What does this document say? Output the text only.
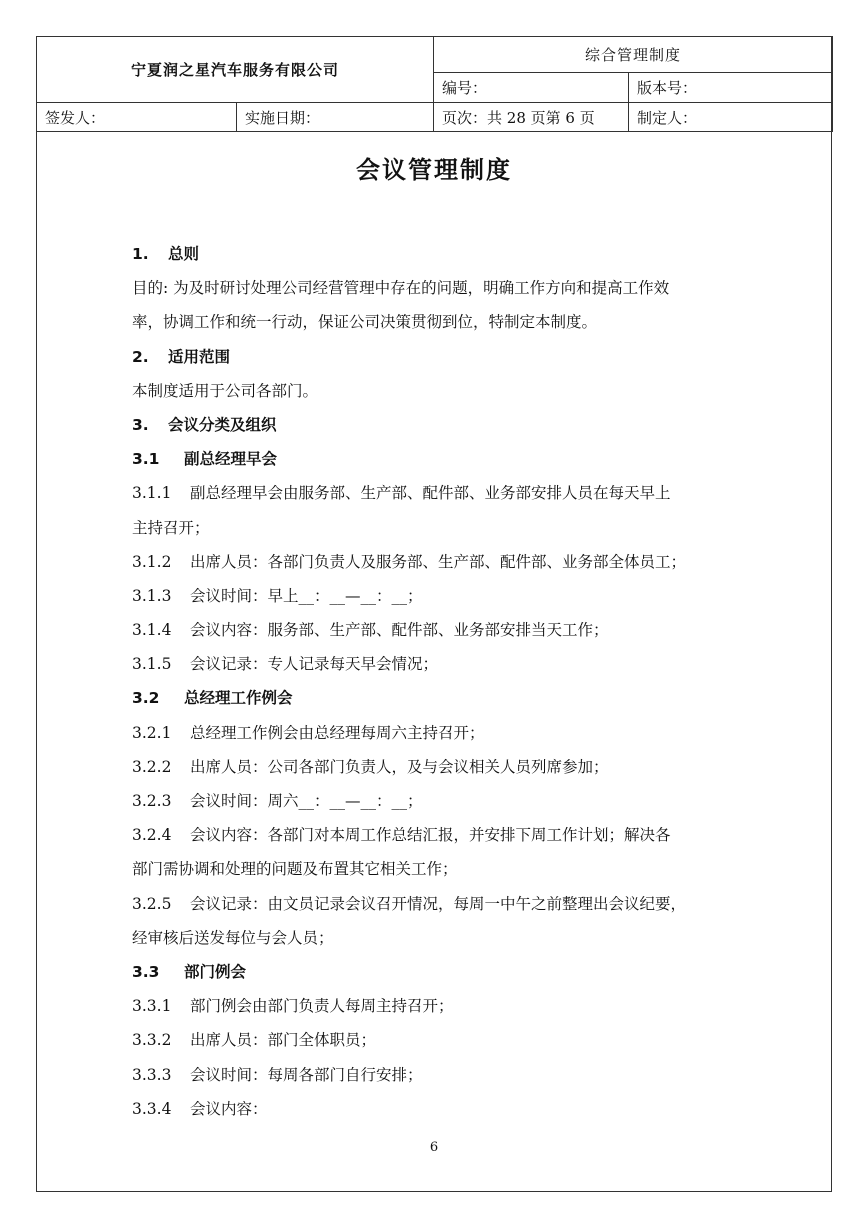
宁夏润之星汽车服务有限公司		综合管理制度	
		编号：	版本号：
签发人：	实施日期：	页次：共 28 页第 6 页	制定人：
会议管理制度
1. 总则
目的: 为及时研讨处理公司经营管理中存在的问题，明确工作方向和提高工作效
率，协调工作和统一行动，保证公司决策贯彻到位，特制定本制度。
2. 适用范围
本制度适用于公司各部门。
3. 会议分类及组织
3.1 副总经理早会
3.1.1 副总经理早会由服务部、生产部、配件部、业务部安排人员在每天早上
主持召开；
3.1.2 出席人员：各部门负责人及服务部、生产部、配件部、业务部全体员工；
3.1.3 会议时间：早上__：__—__：__；
3.1.4 会议内容：服务部、生产部、配件部、业务部安排当天工作；
3.1.5 会议记录：专人记录每天早会情况；
3.2 总经理工作例会
3.2.1 总经理工作例会由总经理每周六主持召开；
3.2.2 出席人员：公司各部门负责人，及与会议相关人员列席参加；
3.2.3 会议时间：周六__：__—__：__；
3.2.4 会议内容：各部门对本周工作总结汇报，并安排下周工作计划；解决各
部门需协调和处理的问题及布置其它相关工作；
3.2.5 会议记录：由文员记录会议召开情况，每周一中午之前整理出会议纪要，
经审核后送发每位与会人员；
3.3 部门例会
3.3.1 部门例会由部门负责人每周主持召开；
3.3.2 出席人员：部门全体职员；
3.3.3 会议时间：每周各部门自行安排；
3.3.4 会议内容：
6
